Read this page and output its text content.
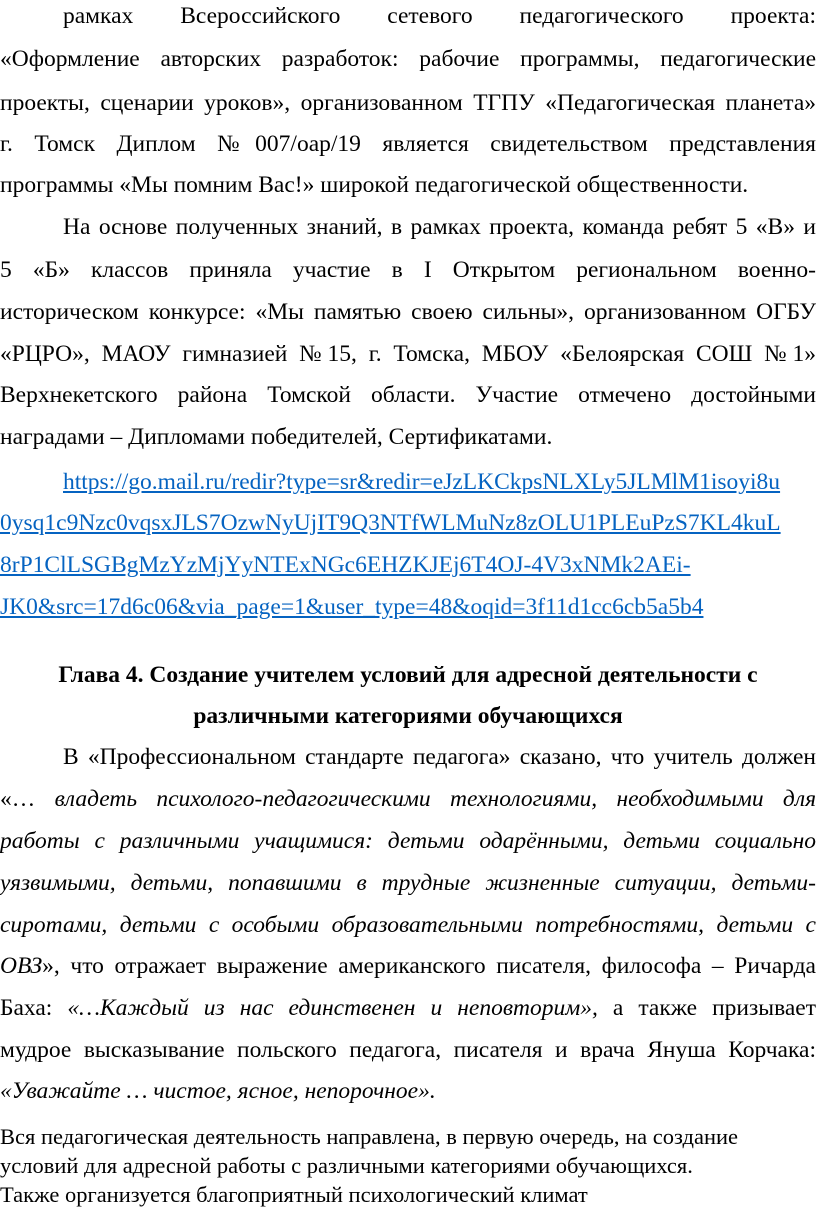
рамках Всероссийского сетевого педагогического проекта:

«Оформление авторских разработок: рабочие программы, педагогические

проекты, сценарии уроков», организованном ТГПУ «Педагогическая планета»

г. Томск Диплом №007/оар/19 является свидетельством представления

программы «Мы помним Вас!» широкой педагогической общественности.

На основе полученных знаний, в рамках проекта, команда ребят 5 «В» и

5 «Б» классов приняла участие в I Открытом региональном военно-

историческом конкурсе: «Мы памятью своею сильны», организованном ОГБУ

«РЦРО», МАОУ гимназией №15, г. Томска, МБОУ «Белоярская СОШ №1»

Верхнекетского района Томской области. Участие отмечено достойными

наградами – Дипломами победителей, Сертификатами.

https://go.mail.ru/redir?type=sr&redir=eJzLKCkpsNLXLy5JLMlM1isoyi8u

0ysq1c9Nzc0vqsxJLS7OzwNyUjIT9Q3NTfWLMuNz8zOLU1PLEuPzS7KL4kuL

8rP1ClLSGBgMzYzMjYyNTExNGc6EHZKJEj6T4OJ-4V3xNMk2AEi-

JK0&src=17d6c06&via_page=1&user_type=48&oqid=3f11d1cc6cb5a5b4

Глава 4. Создание учителем условий для адресной деятельности с

различными категориями обучающихся

В «Профессиональном стандарте педагога» сказано, что учитель должен

«… владеть психолого-педагогическими технологиями, необходимыми для

работы с различными учащимися: детьми одарёнными, детьми социально

уязвимыми, детьми, попавшими в трудные жизненные ситуации, детьми-

сиротами, детьми с особыми образовательными потребностями, детьми с

ОВЗ», что отражает выражение американского писателя, философа – Ричарда

Баха: «…Каждый из нас единственен и неповторим», а также призывает

мудрое высказывание польского педагога, писателя и врача Януша Корчака:

«Уважайте … чистое, ясное, непорочное».

Вся педагогическая деятельность направлена, в первую очередь, на создание

условий для адресной работы с различными категориями обучающихся.

Также организуется благоприятный психологический климат
